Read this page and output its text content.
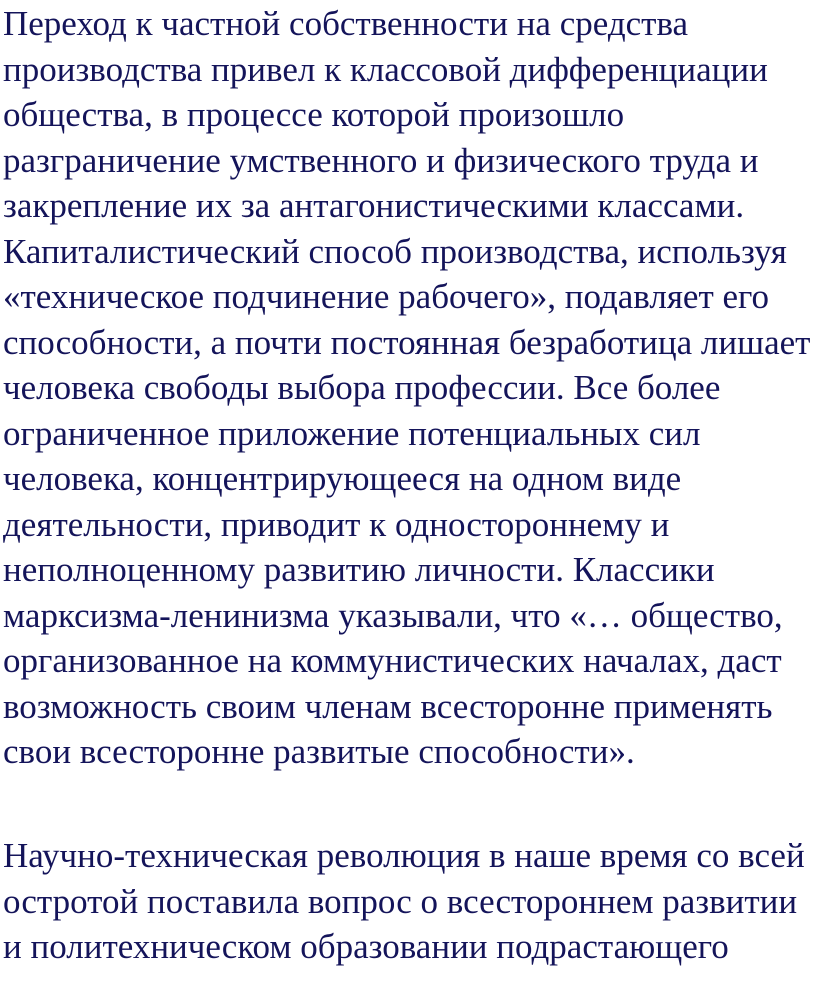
Переход к частной собственности на средства
производства привел к классовой дифференциации
общества, в процессе которой произошло
разграничение умственного и физического труда и
закрепление их за антагонистическими классами.
Капиталистический способ производства, используя
«техническое подчинение рабочего», подавляет его
способности, а почти постоянная безработица лишает
человека свободы выбора профессии. Все более
ограниченное приложение потенциальных сил
человека, концентрирующееся на одном виде
деятельности, приводит к одностороннему и
неполноценному развитию личности. Классики
марксизма-ленинизма указывали, что «… общество,
организованное на коммунистических началах, даст
возможность своим членам всесторонне применять
свои всесторонне развитые способности».

Научно-техническая революция в наше время со всей
остротой поставила вопрос о всестороннем развитии
и политехническом образовании подрастающего
